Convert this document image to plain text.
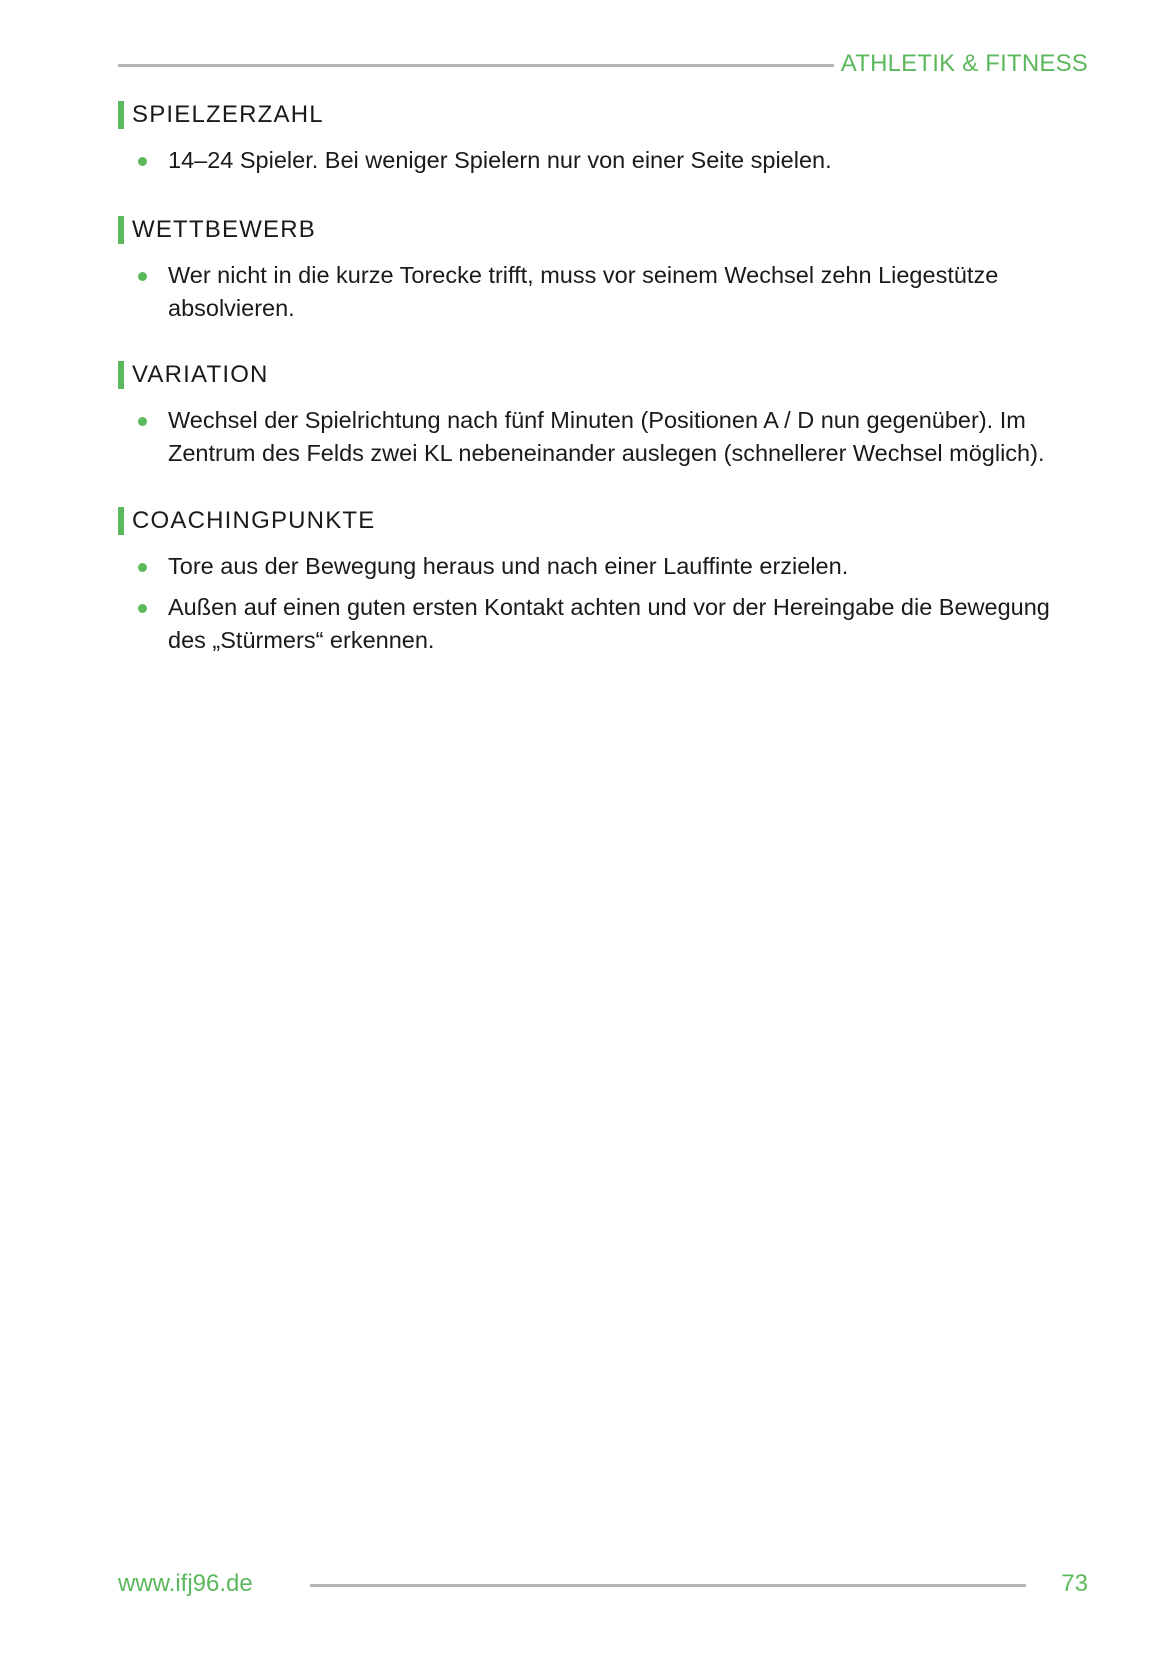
ATHLETIK & FITNESS
SPIELZERZAHL
14–24 Spieler. Bei weniger Spielern nur von einer Seite spielen.
WETTBEWERB
Wer nicht in die kurze Torecke trifft, muss vor seinem Wechsel zehn Liegestütze absolvieren.
VARIATION
Wechsel der Spielrichtung nach fünf Minuten (Positionen A / D nun gegenüber). Im Zentrum des Felds zwei KL nebeneinander auslegen (schnellerer Wechsel möglich).
COACHINGPUNKTE
Tore aus der Bewegung heraus und nach einer Lauffinte erzielen.
Außen auf einen guten ersten Kontakt achten und vor der Hereingabe die Bewegung des „Stürmers“ erkennen.
www.ifj96.de	73
